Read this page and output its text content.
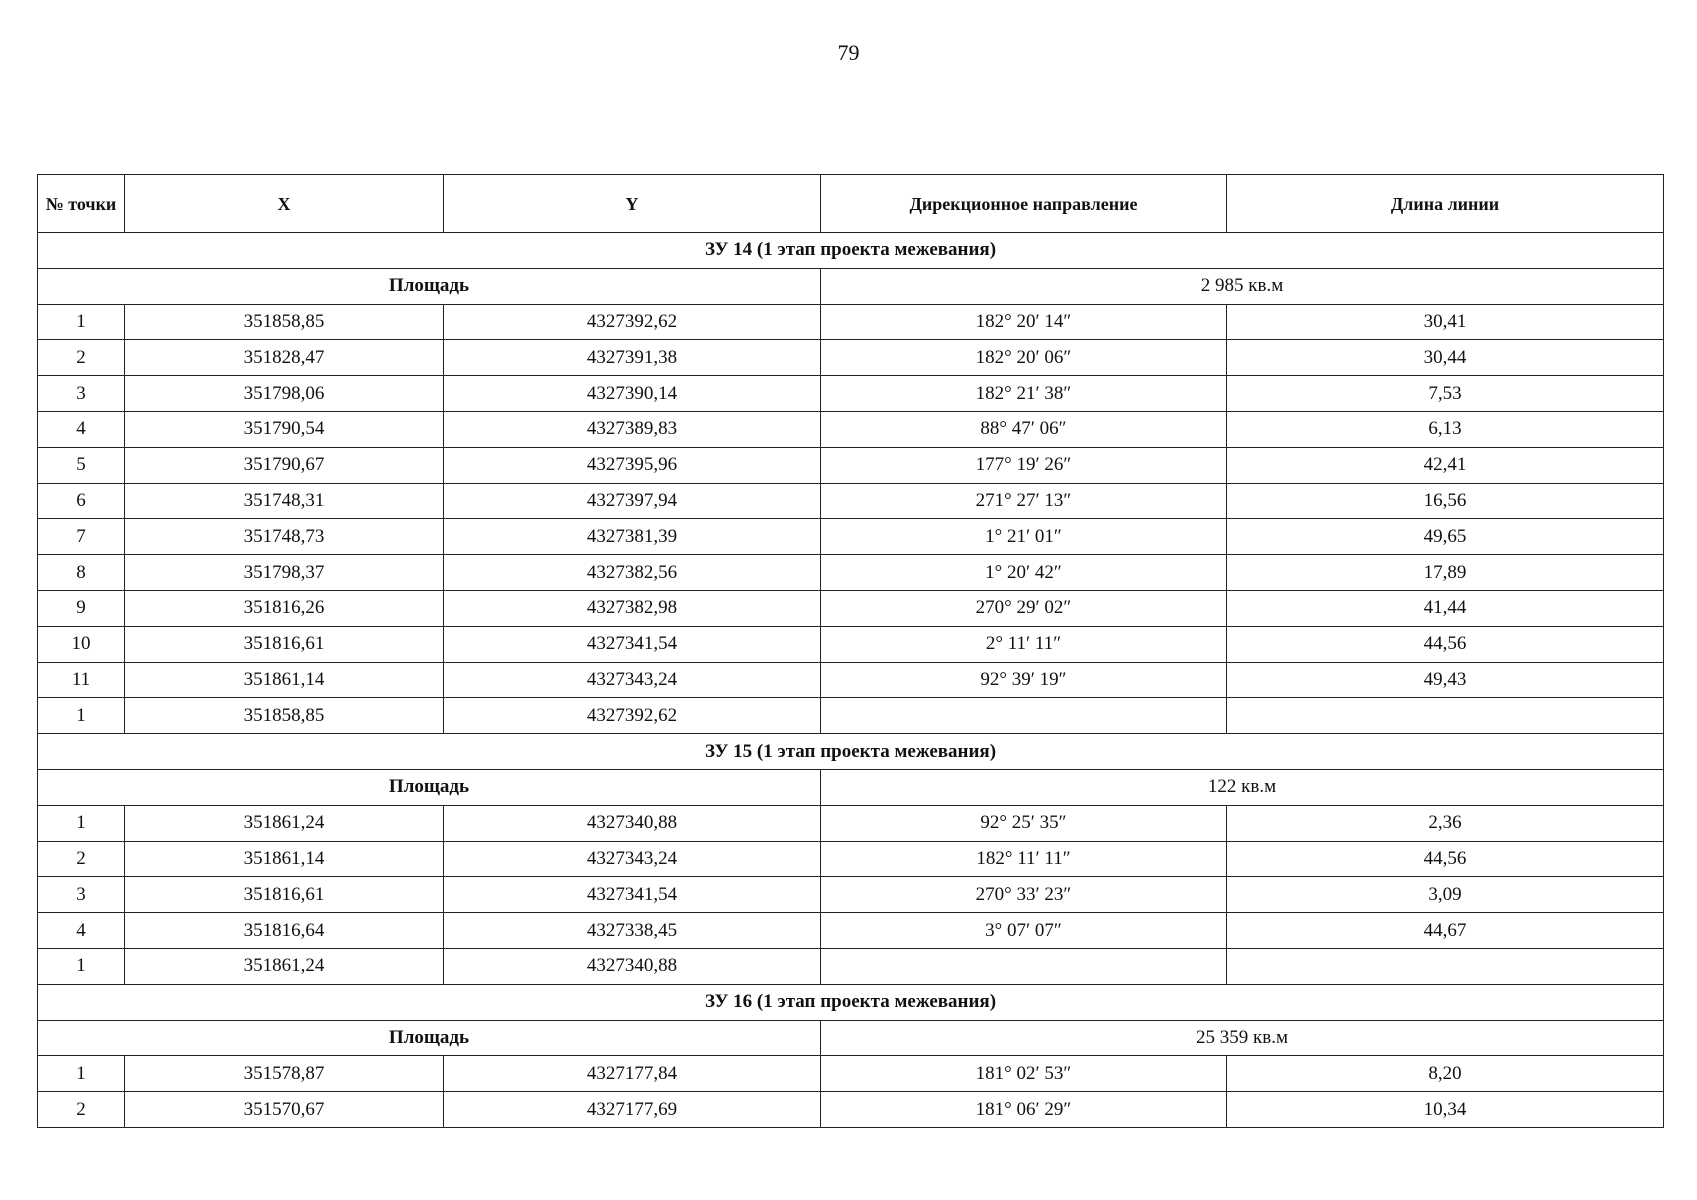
79
№ точки	X	Y	Дирекционное направление	Длина линии
ЗУ 14 (1 этап проекта межевания)				
Площадь			2 985 кв.м	
1	351858,85	4327392,62	182° 20′ 14″	30,41
2	351828,47	4327391,38	182° 20′ 06″	30,44
3	351798,06	4327390,14	182° 21′ 38″	7,53
4	351790,54	4327389,83	88° 47′ 06″	6,13
5	351790,67	4327395,96	177° 19′ 26″	42,41
6	351748,31	4327397,94	271° 27′ 13″	16,56
7	351748,73	4327381,39	1° 21′ 01″	49,65
8	351798,37	4327382,56	1° 20′ 42″	17,89
9	351816,26	4327382,98	270° 29′ 02″	41,44
10	351816,61	4327341,54	2° 11′ 11″	44,56
11	351861,14	4327343,24	92° 39′ 19″	49,43
1	351858,85	4327392,62		
ЗУ 15 (1 этап проекта межевания)				
Площадь			122 кв.м	
1	351861,24	4327340,88	92° 25′ 35″	2,36
2	351861,14	4327343,24	182° 11′ 11″	44,56
3	351816,61	4327341,54	270° 33′ 23″	3,09
4	351816,64	4327338,45	3° 07′ 07″	44,67
1	351861,24	4327340,88		
ЗУ 16 (1 этап проекта межевания)				
Площадь			25 359 кв.м	
1	351578,87	4327177,84	181° 02′ 53″	8,20
2	351570,67	4327177,69	181° 06′ 29″	10,34
